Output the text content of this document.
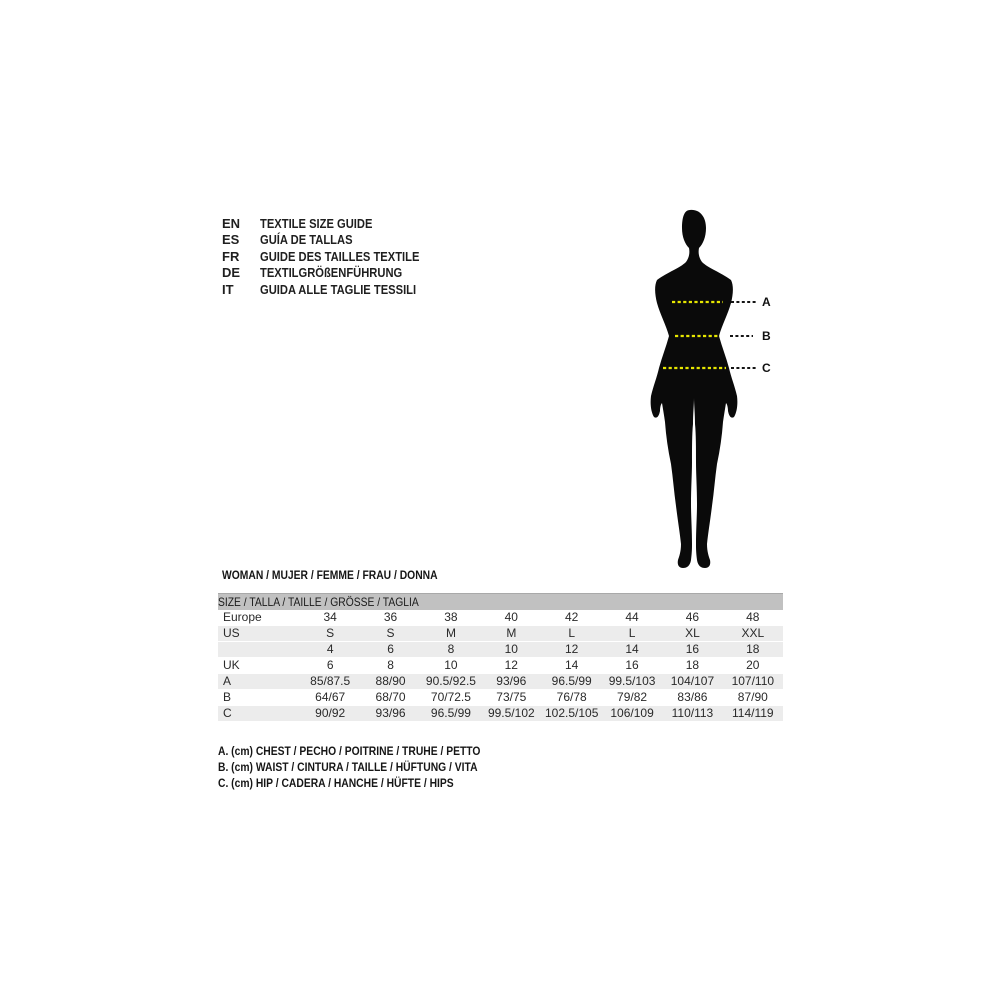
EN TEXTILE SIZE GUIDE
ES GUÍA DE TALLAS
FR GUIDE DES TAILLES TEXTILE
DE TEXTILGRÖßENFÜHRUNG
IT GUIDA ALLE TAGLIE TESSILI
A
B
C
WOMAN / MUJER / FEMME / FRAU / DONNA
SIZE / TALLA / TAILLE / GRÖSSE / TAGLIA								
Europe	34	36	38	40	42	44	46	48
US	S	S	M	M	L	L	XL	XXL
	4	6	8	10	12	14	16	18
UK	6	8	10	12	14	16	18	20
A	85/87.5	88/90	90.5/92.5	93/96	96.5/99	99.5/103	104/107	107/110
B	64/67	68/70	70/72.5	73/75	76/78	79/82	83/86	87/90
C	90/92	93/96	96.5/99	99.5/102	102.5/105	106/109	110/113	114/119
A. (cm) CHEST / PECHO / POITRINE / TRUHE / PETTO
B. (cm) WAIST / CINTURA / TAILLE / HÜFTUNG / VITA
C. (cm) HIP / CADERA / HANCHE / HÜFTE / HIPS
